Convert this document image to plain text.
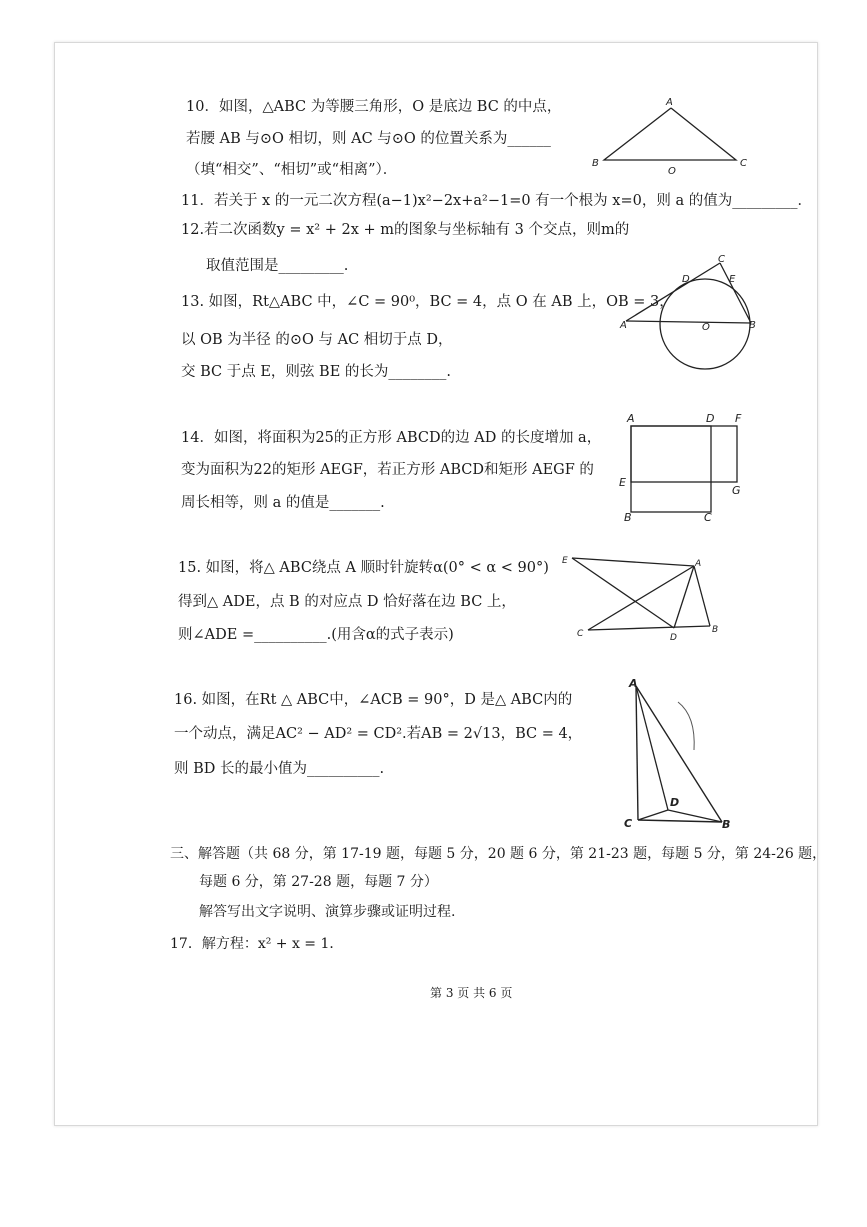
10．如图，△ABC 为等腰三角形，O 是底边 BC 的中点，
若腰 AB 与⊙O 相切，则 AC 与⊙O 的位置关系为______
（填“相交”、“相切”或“相离”）．
A
B
O
C
11．若关于 x 的一元二次方程(a−1)x²−2x+a²−1=0 有一个根为 x=0，则 a 的值为_________．
12.若二次函数y = x² + 2x + m的图象与坐标轴有 3 个交点，则m的
取值范围是_________.
13. 如图，Rt△ABC 中，∠C = 90⁰，BC = 4，点 O 在 AB 上，OB = 3，
以 OB 为半径 的⊙O 与 AC 相切于点 D，
交 BC 于点 E，则弦 BE 的长为________.
C
D	E
A	O	B
14．如图，将面积为25的正方形 ABCD的边 AD 的长度增加 a，
变为面积为22的矩形 AEGF，若正方形 ABCD和矩形 AEGF 的
周长相等，则 a 的值是_______.
A	D F
E
G
B	C
15. 如图，将△ ABC绕点 A 顺时针旋转α(0° < α < 90°)
得到△ ADE，点 B 的对应点 D 恰好落在边 BC 上，
则∠ADE =__________.(用含α的式子表示)
E	A
C	D
B
16. 如图，在Rt △ ABC中，∠ACB = 90°，D 是△ ABC内的
一个动点，满足AC² − AD² = CD².若AB = 2√13，BC = 4，
则 BD 长的最小值为__________.
A
D
C	B
三、解答题（共 68 分，第 17-19 题，每题 5 分，20 题 6 分，第 21-23 题，每题 5 分，第 24-26 题，
每题 6 分，第 27-28 题，每题 7 分）
解答写出文字说明、演算步骤或证明过程.
17．解方程：x² + x = 1．
第 3 页 共 6 页
